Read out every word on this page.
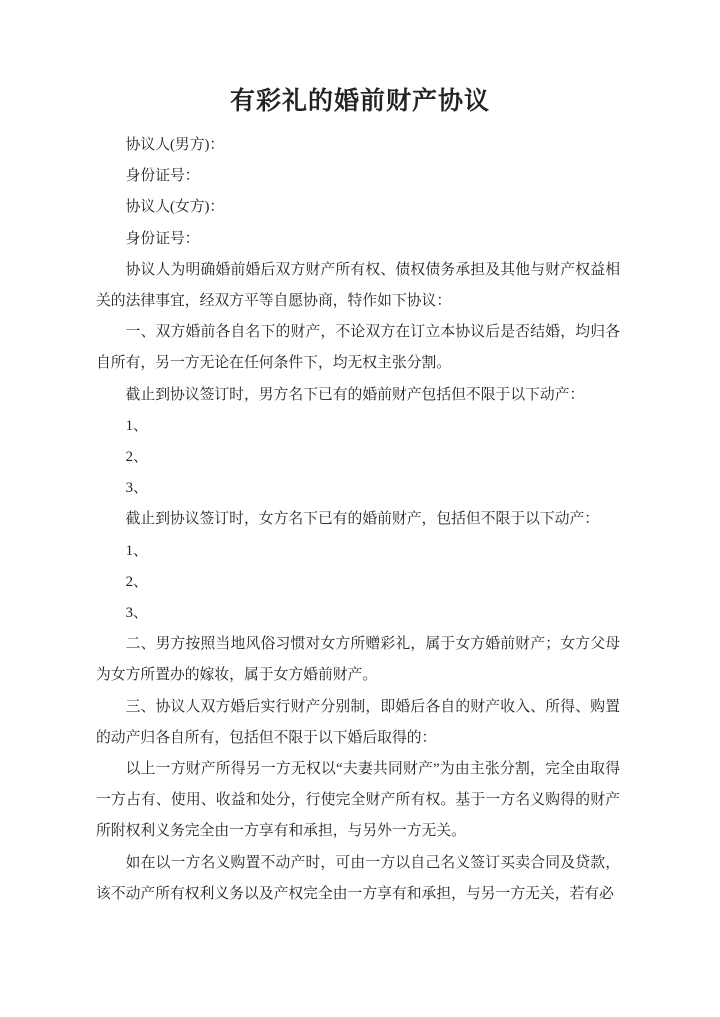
有彩礼的婚前财产协议

协议人(男方)：

身份证号：

协议人(女方)：

身份证号：

协议人为明确婚前婚后双方财产所有权、债权债务承担及其他与财产权益相关的法律事宜，经双方平等自愿协商，特作如下协议：

一、双方婚前各自名下的财产，不论双方在订立本协议后是否结婚，均归各自所有，另一方无论在任何条件下，均无权主张分割。

截止到协议签订时，男方名下已有的婚前财产包括但不限于以下动产：

1、

2、

3、

截止到协议签订时，女方名下已有的婚前财产，包括但不限于以下动产：

1、

2、

3、

二、男方按照当地风俗习惯对女方所赠彩礼，属于女方婚前财产；女方父母为女方所置办的嫁妆，属于女方婚前财产。

三、协议人双方婚后实行财产分别制，即婚后各自的财产收入、所得、购置的动产归各自所有，包括但不限于以下婚后取得的：

以上一方财产所得另一方无权以“夫妻共同财产”为由主张分割，完全由取得一方占有、使用、收益和处分，行使完全财产所有权。基于一方名义购得的财产所附权利义务完全由一方享有和承担，与另外一方无关。

如在以一方名义购置不动产时，可由一方以自己名义签订买卖合同及贷款，该不动产所有权利义务以及产权完全由一方享有和承担，与另一方无关，若有必
